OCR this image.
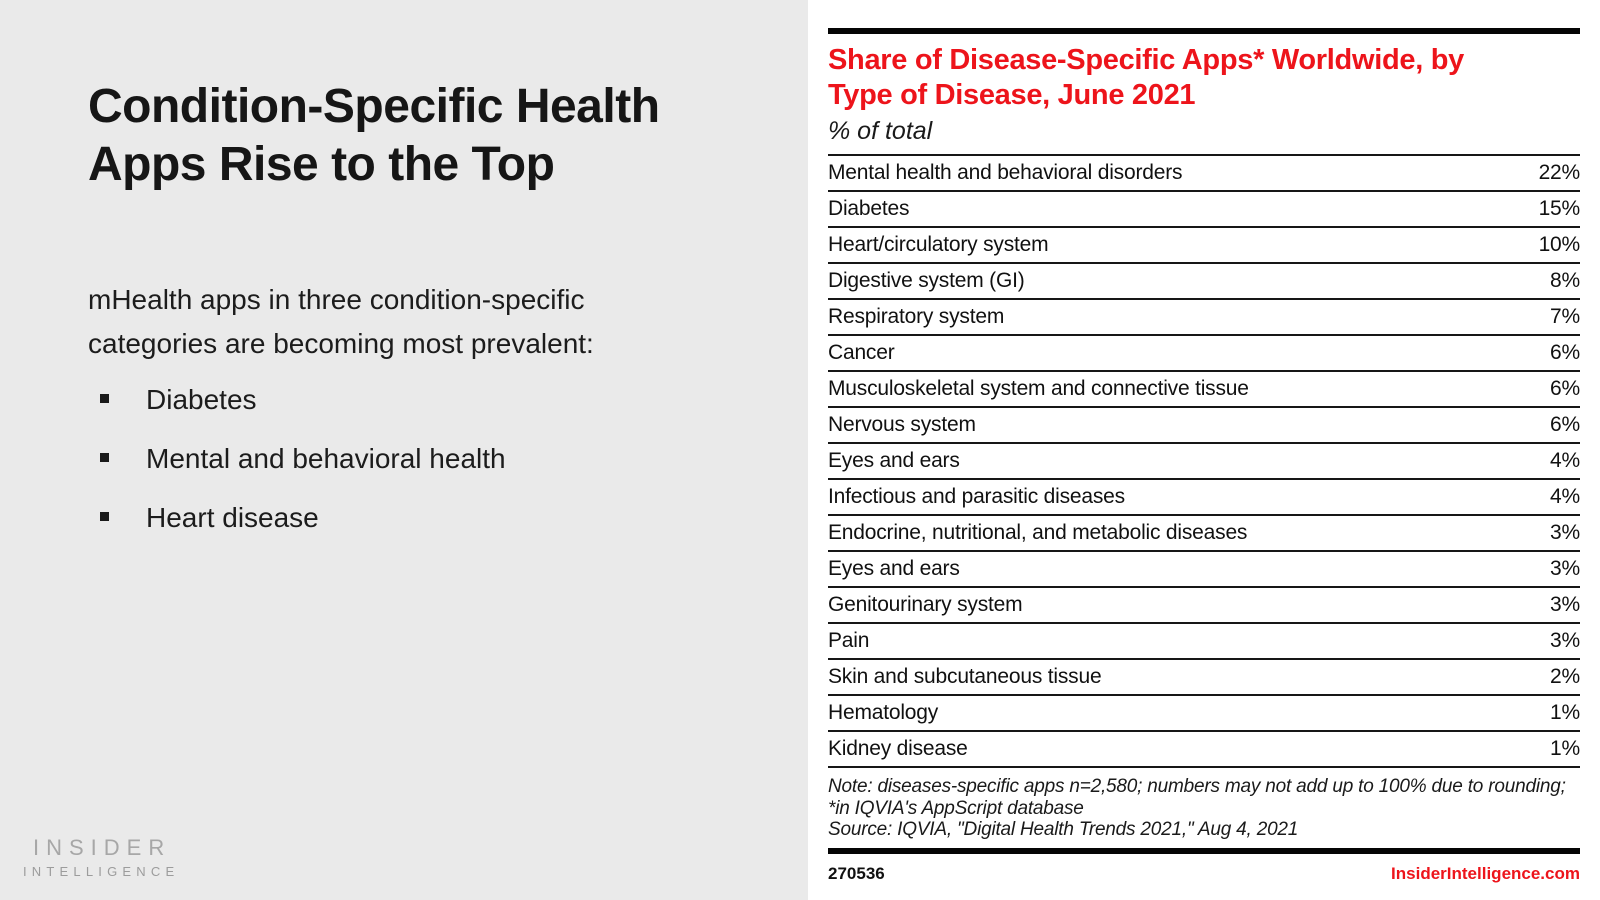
Condition-Specific Health Apps Rise to the Top

mHealth apps in three condition-specific categories are becoming most prevalent:

Diabetes
Mental and behavioral health
Heart disease
INSIDER
INTELLIGENCE
Share of Disease-Specific Apps* Worldwide, by
Type of Disease, June 2021
% of total
Mental health and behavioral disorders	22%
Diabetes	15%
Heart/circulatory system	10%
Digestive system (GI)	8%
Respiratory system	7%
Cancer	6%
Musculoskeletal system and connective tissue	6%
Nervous system	6%
Eyes and ears	4%
Infectious and parasitic diseases	4%
Endocrine, nutritional, and metabolic diseases	3%
Eyes and ears	3%
Genitourinary system	3%
Pain	3%
Skin and subcutaneous tissue	2%
Hematology	1%
Kidney disease	1%
Note: diseases-specific apps n=2,580; numbers may not add up to 100% due to rounding; *in IQVIA's AppScript database
Source: IQVIA, "Digital Health Trends 2021," Aug 4, 2021
270536	InsiderIntelligence.com
